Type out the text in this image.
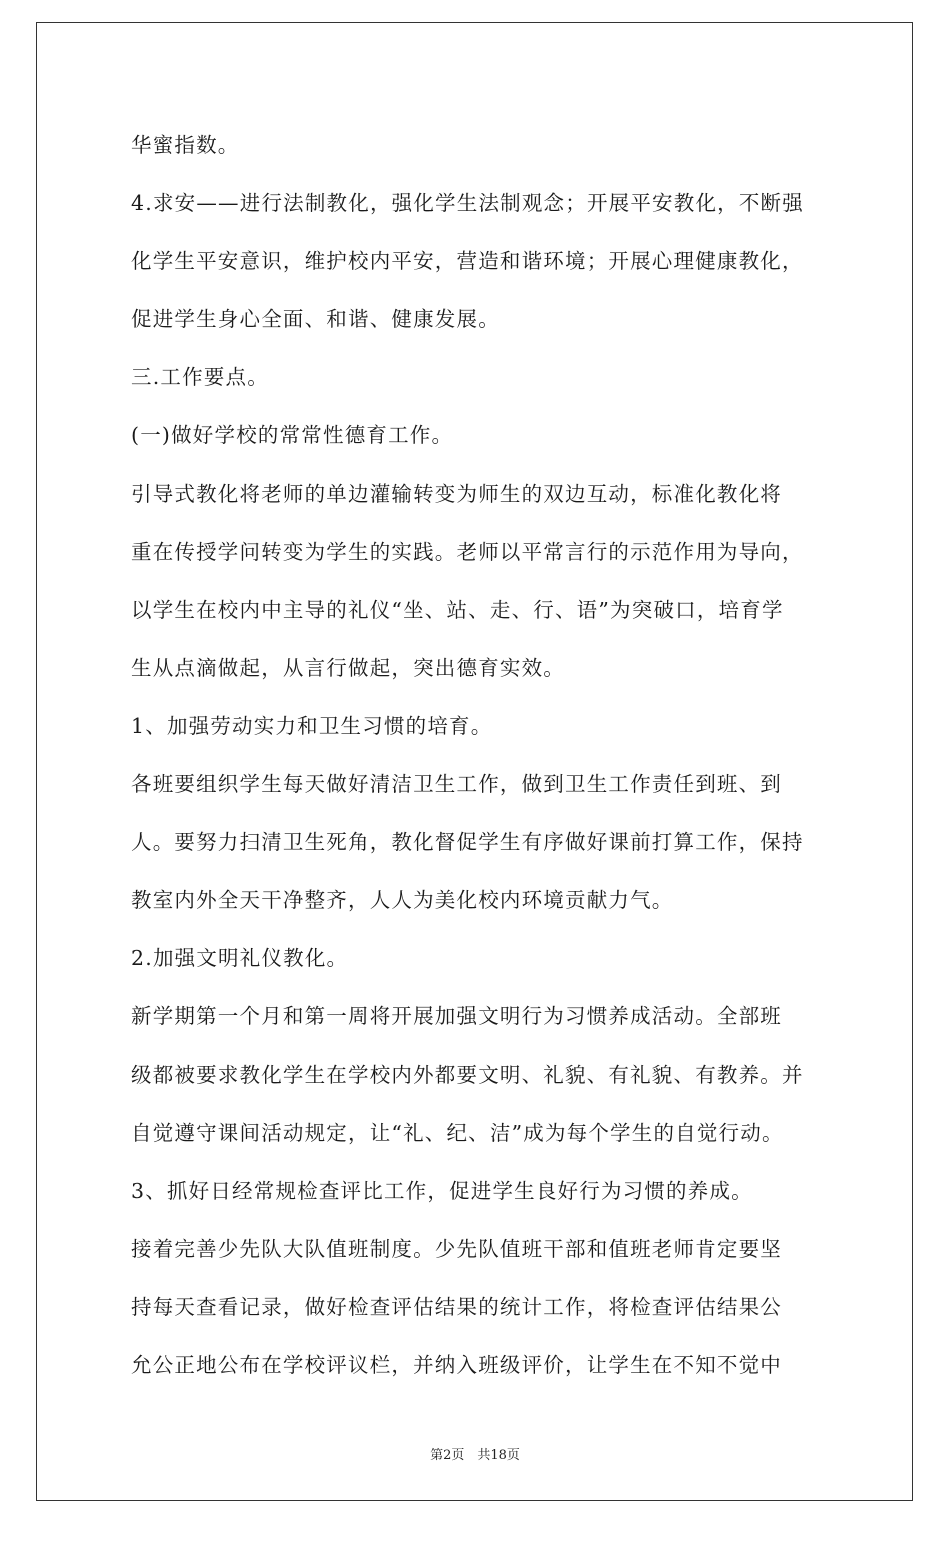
华蜜指数。
4.求安——进行法制教化，强化学生法制观念；开展平安教化，不断强
化学生平安意识，维护校内平安，营造和谐环境；开展心理健康教化，
促进学生身心全面、和谐、健康发展。
三.工作要点。
(一)做好学校的常常性德育工作。
引导式教化将老师的单边灌输转变为师生的双边互动，标准化教化将
重在传授学问转变为学生的实践。老师以平常言行的示范作用为导向，
以学生在校内中主导的礼仪“坐、站、走、行、语”为突破口，培育学
生从点滴做起，从言行做起，突出德育实效。
1、加强劳动实力和卫生习惯的培育。
各班要组织学生每天做好清洁卫生工作，做到卫生工作责任到班、到
人。要努力扫清卫生死角，教化督促学生有序做好课前打算工作，保持
教室内外全天干净整齐，人人为美化校内环境贡献力气。
2.加强文明礼仪教化。
新学期第一个月和第一周将开展加强文明行为习惯养成活动。全部班
级都被要求教化学生在学校内外都要文明、礼貌、有礼貌、有教养。并
自觉遵守课间活动规定，让“礼、纪、洁”成为每个学生的自觉行动。
3、抓好日经常规检查评比工作，促进学生良好行为习惯的养成。
接着完善少先队大队值班制度。少先队值班干部和值班老师肯定要坚
持每天查看记录，做好检查评估结果的统计工作，将检查评估结果公
允公正地公布在学校评议栏，并纳入班级评价，让学生在不知不觉中
第2页　共18页
